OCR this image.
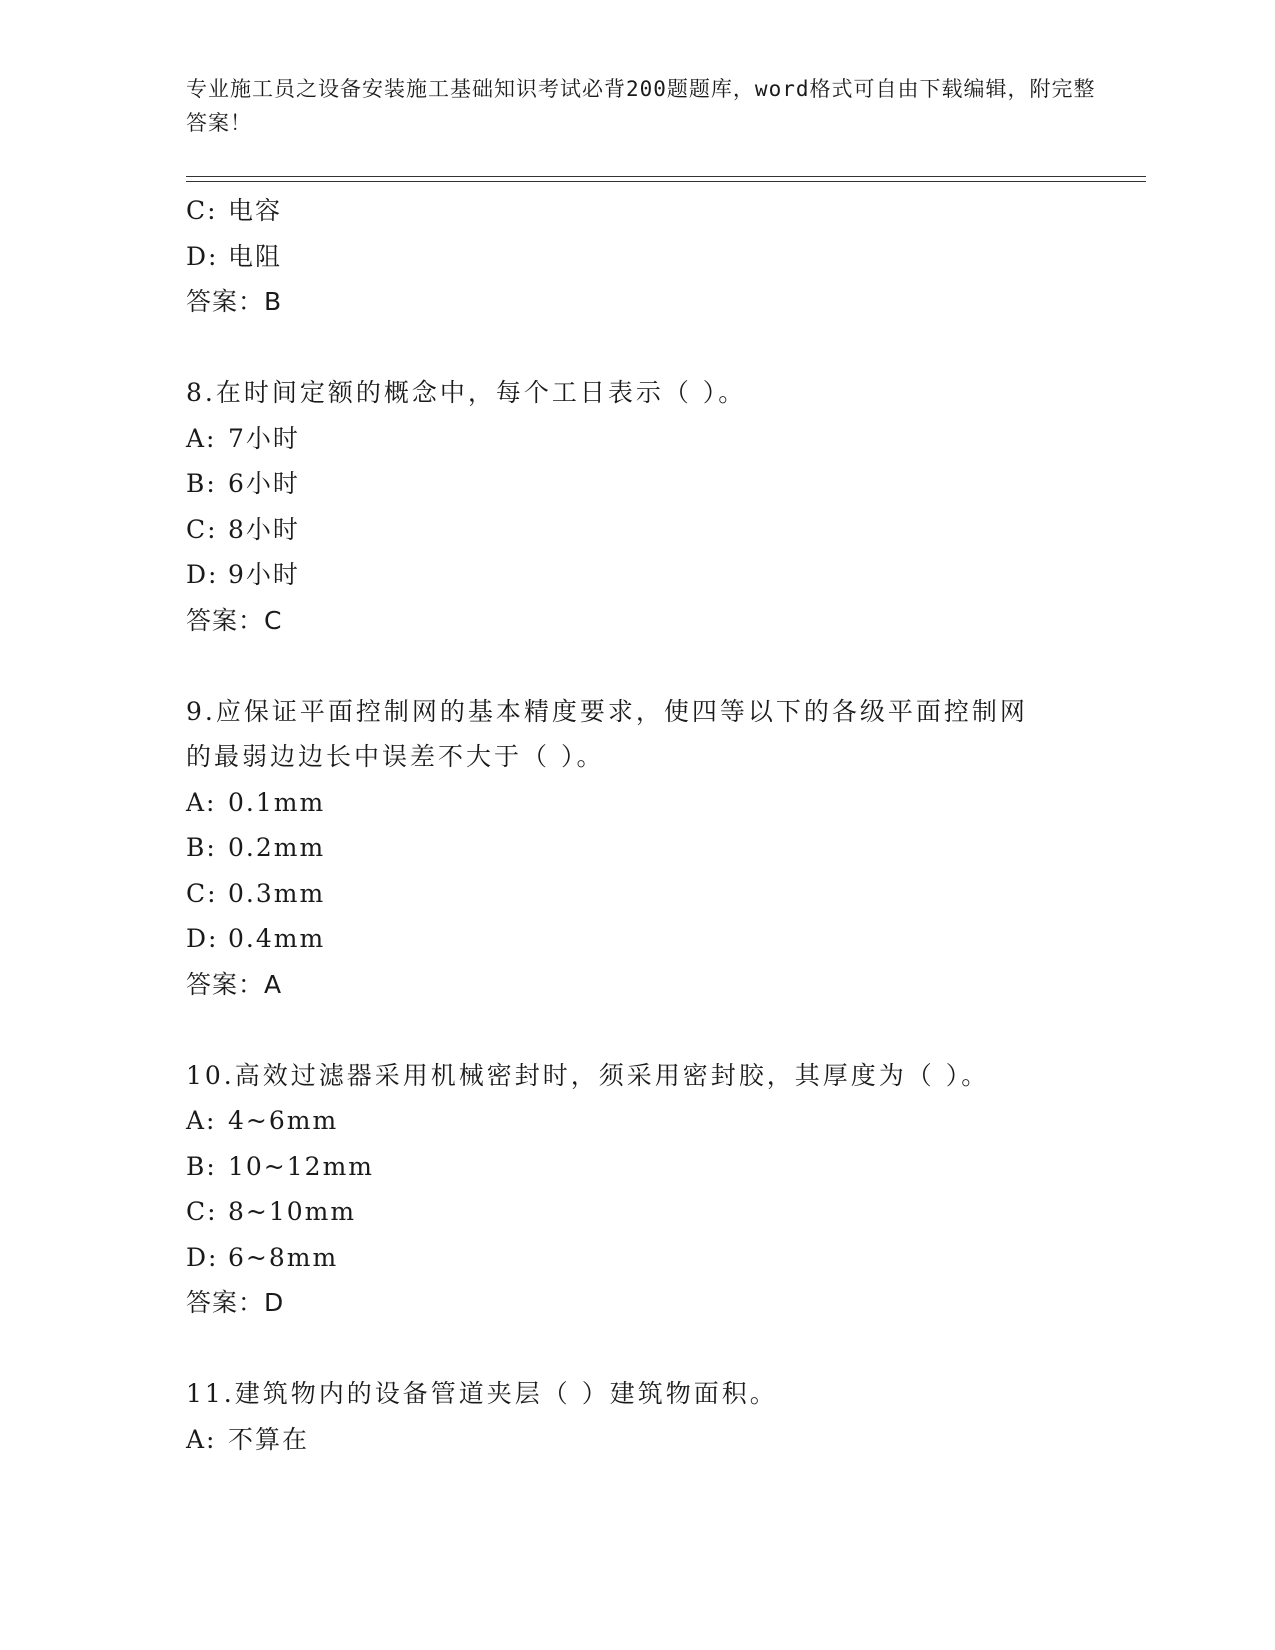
专业施工员之设备安装施工基础知识考试必背200题题库，word格式可自由下载编辑，附完整答案！
C: 电容
D: 电阻
答案：B
8.在时间定额的概念中，每个工日表示（ ）。
A: 7小时
B: 6小时
C: 8小时
D: 9小时
答案：C
9.应保证平面控制网的基本精度要求，使四等以下的各级平面控制网
的最弱边边长中误差不大于（ ）。
A: 0.1mm
B: 0.2mm
C: 0.3mm
D: 0.4mm
答案：A
10.高效过滤器采用机械密封时，须采用密封胶，其厚度为（ ）。
A: 4~6mm
B: 10~12mm
C: 8~10mm
D: 6~8mm
答案：D
11.建筑物内的设备管道夹层（ ）建筑物面积。
A: 不算在
